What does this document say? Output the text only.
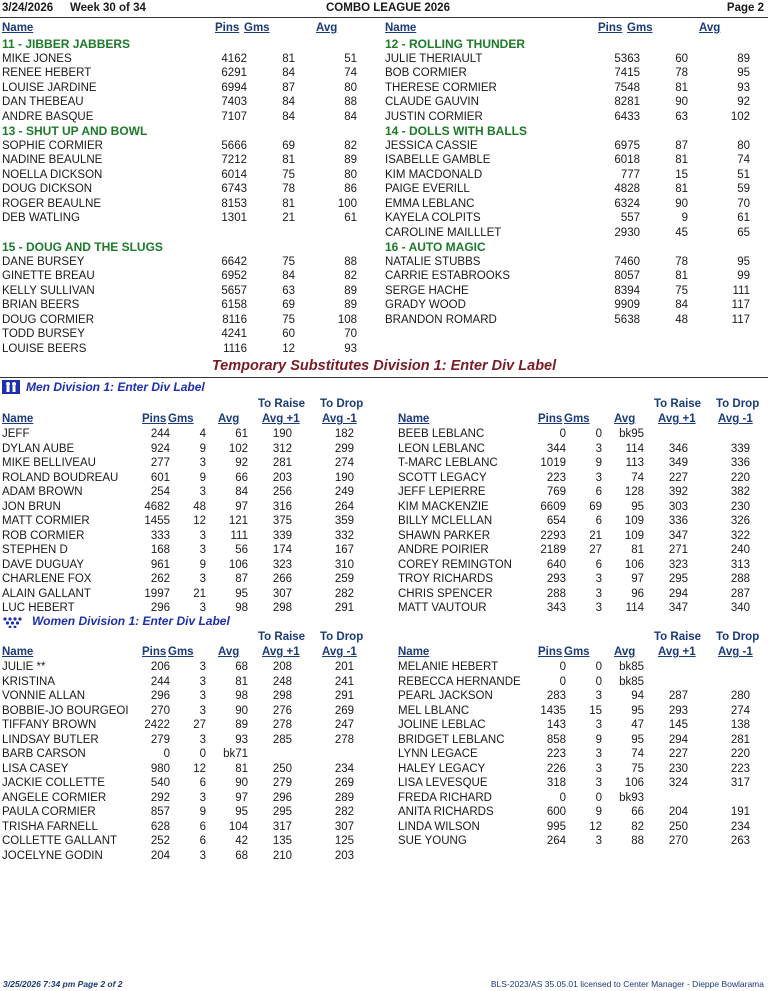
3/24/2026 Week 30 of 34	COMBO LEAGUE 2026	Page 2
Name	Pins Gms	Avg
11 - JIBBER JABBERS
MIKE JONES	4162	81	51
RENEE HEBERT	6291	84	74
LOUISE JARDINE	6994	87	80
DAN THEBEAU	7403	84	88
ANDRE BASQUE	7107	84	84
13 - SHUT UP AND BOWL
SOPHIE CORMIER	5666	69	82
NADINE BEAULNE	7212	81	89
NOELLA DICKSON	6014	75	80
DOUG DICKSON	6743	78	86
ROGER BEAULNE	8153	81	100
DEB WATLING	1301	21	61
15 - DOUG AND THE SLUGS
DANE BURSEY	6642	75	88
GINETTE BREAU	6952	84	82
KELLY SULLIVAN	5657	63	89
BRIAN BEERS	6158	69	89
DOUG CORMIER	8116	75	108
TODD BURSEY	4241	60	70
LOUISE BEERS	1116	12	93
Name	Pins Gms	Avg
12 - ROLLING THUNDER
JULIE THERIAULT	5363	60	89
BOB CORMIER	7415	78	95
THERESE CORMIER	7548	81	93
CLAUDE GAUVIN	8281	90	92
JUSTIN CORMIER	6433	63	102
14 - DOLLS WITH BALLS
JESSICA CASSIE	6975	87	80
ISABELLE GAMBLE	6018	81	74
KIM MACDONALD	777	15	51
PAIGE EVERILL	4828	81	59
EMMA LEBLANC	6324	90	70
KAYELA COLPITS	557	9	61
CAROLINE MAILLLET	2930	45	65
16 - AUTO MAGIC
NATALIE STUBBS	7460	78	95
CARRIE ESTABROOKS	8057	81	99
SERGE HACHE	8394	75	111
GRADY WOOD	9909	84	117
BRANDON ROMARD	5638	48	117
Temporary Substitutes Division 1: Enter Div Label
Men Division 1: Enter Div Label
To Raise To Drop
Name	Pins Gms Avg Avg +1 Avg -1
JEFF	244	4	61	190	182
DYLAN AUBE	924	9	102	312	299
MIKE BELLIVEAU	277	3	92	281	274
ROLAND BOUDREAU	601	9	66	203	190
ADAM BROWN	254	3	84	256	249
JON BRUN	4682	48	97	316	264
MATT CORMIER	1455	12	121	375	359
ROB CORMIER	333	3	111	339	332
STEPHEN D	168	3	56	174	167
DAVE DUGUAY	961	9	106	323	310
CHARLENE FOX	262	3	87	266	259
ALAIN GALLANT	1997	21	95	307	282
LUC HEBERT	296	3	98	298	291
To Raise To Drop
Name	Pins Gms Avg Avg +1 Avg -1
BEEB LEBLANC	0	0	bk95
LEON LEBLANC	344	3	114	346	339
T-MARC LEBLANC	1019	9	113	349	336
SCOTT LEGACY	223	3	74	227	220
JEFF LEPIERRE	769	6	128	392	382
KIM MACKENZIE	6609	69	95	303	230
BILLY MCLELLAN	654	6	109	336	326
SHAWN PARKER	2293	21	109	347	322
ANDRE POIRIER	2189	27	81	271	240
COREY REMINGTON	640	6	106	323	313
TROY RICHARDS	293	3	97	295	288
CHRIS SPENCER	288	3	96	294	287
MATT VAUTOUR	343	3	114	347	340
Women Division 1: Enter Div Label
To Raise To Drop
Name	Pins Gms Avg Avg +1 Avg -1
JULIE **	206	3	68	208	201
KRISTINA	244	3	81	248	241
VONNIE ALLAN	296	3	98	298	291
BOBBIE-JO BOURGEOI	270	3	90	276	269
TIFFANY BROWN	2422	27	89	278	247
LINDSAY BUTLER	279	3	93	285	278
BARB CARSON	0	0	bk71
LISA CASEY	980	12	81	250	234
JACKIE COLLETTE	540	6	90	279	269
ANGELE CORMIER	292	3	97	296	289
PAULA CORMIER	857	9	95	295	282
TRISHA FARNELL	628	6	104	317	307
COLLETTE GALLANT	252	6	42	135	125
JOCELYNE GODIN	204	3	68	210	203
To Raise To Drop
Name	Pins Gms Avg Avg +1 Avg -1
MELANIE HEBERT	0	0	bk85
REBECCA HERNANDE	0	0	bk85
PEARL JACKSON	283	3	94	287	280
MEL LBLANC	1435	15	95	293	274
JOLINE LEBLAC	143	3	47	145	138
BRIDGET LEBLANC	858	9	95	294	281
LYNN LEGACE	223	3	74	227	220
HALEY LEGACY	226	3	75	230	223
LISA LEVESQUE	318	3	106	324	317
FREDA RICHARD	0	0	bk93
ANITA RICHARDS	600	9	66	204	191
LINDA WILSON	995	12	82	250	234
SUE YOUNG	264	3	88	270	263
3/25/2026 7:34 pm Page 2 of 2	BLS-2023/AS 35.05.01 licensed to Center Manager - Dieppe Bowlarama
